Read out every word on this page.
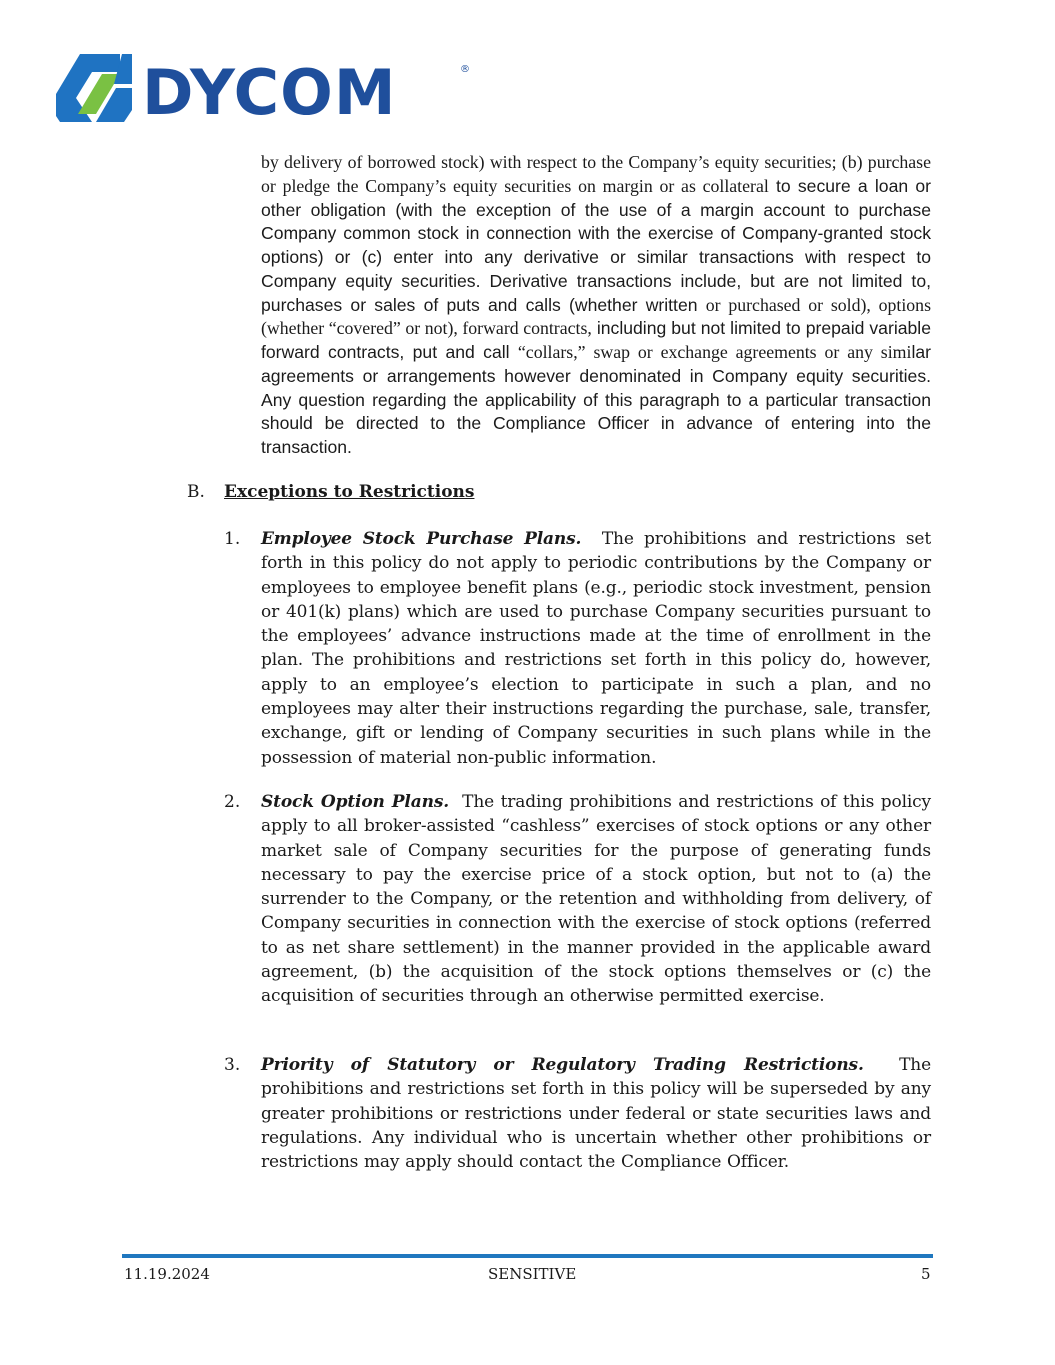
DYCOM	®
by delivery of borrowed stock) with respect to the Company’s equity securities; (b) purchase or pledge the Company’s equity securities on margin or as collateral to secure a loan or other obligation (with the exception of the use of a margin account to purchase Company common stock in connection with the exercise of Company-granted stock options) or (c) enter into any derivative or similar transactions with respect to Company equity securities. Derivative transactions include, but are not limited to, purchases or sales of puts and calls (whether written or purchased or sold), options (whether “covered” or not), forward contracts, including but not limited to prepaid variable forward contracts, put and call “collars,” swap or exchange agreements or any similar agreements or arrangements however denominated in Company equity securities. Any question regarding the applicability of this paragraph to a particular transaction should be directed to the Compliance Officer in advance of entering into the transaction.
B. Exceptions to Restrictions
1. Employee Stock Purchase Plans. The prohibitions and restrictions set forth in this policy do not apply to periodic contributions by the Company or employees to employee benefit plans (e.g., periodic stock investment, pension or 401(k) plans) which are used to purchase Company securities pursuant to the employees’ advance instructions made at the time of enrollment in the plan. The prohibitions and restrictions set forth in this policy do, however, apply to an employee’s election to participate in such a plan, and no employees may alter their instructions regarding the purchase, sale, transfer, exchange, gift or lending of Company securities in such plans while in the possession of material non-public information.
2. Stock Option Plans. The trading prohibitions and restrictions of this policy apply to all broker-assisted “cashless” exercises of stock options or any other market sale of Company securities for the purpose of generating funds necessary to pay the exercise price of a stock option, but not to (a) the surrender to the Company, or the retention and withholding from delivery, of Company securities in connection with the exercise of stock options (referred to as net share settlement) in the manner provided in the applicable award agreement, (b) the acquisition of the stock options themselves or (c) the acquisition of securities through an otherwise permitted exercise.
3. Priority of Statutory or Regulatory Trading Restrictions. The prohibitions and restrictions set forth in this policy will be superseded by any greater prohibitions or restrictions under federal or state securities laws and regulations. Any individual who is uncertain whether other prohibitions or restrictions may apply should contact the Compliance Officer.
11.19.2024	SENSITIVE	5
